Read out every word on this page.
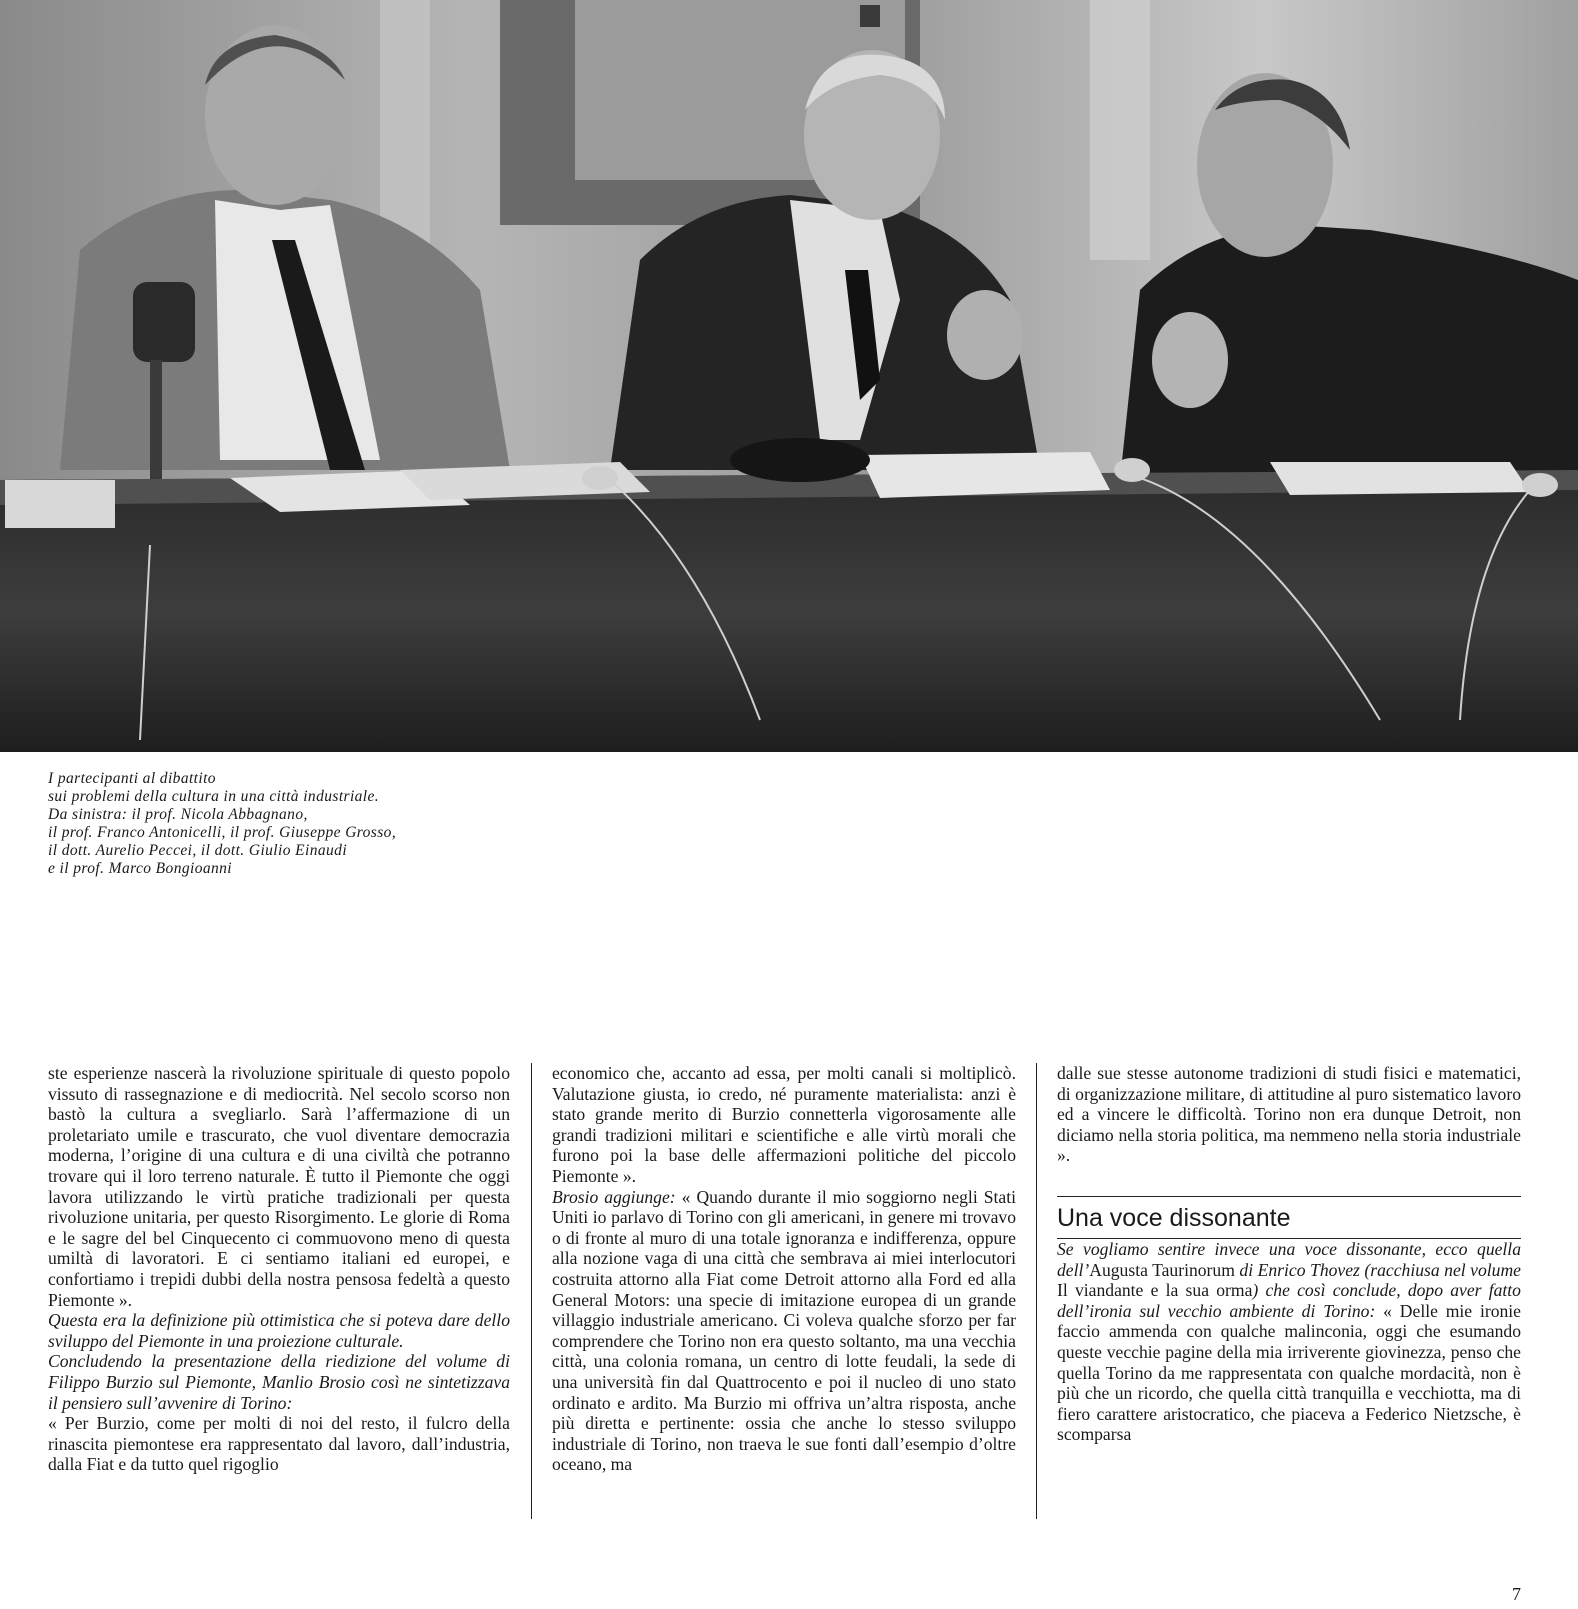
I partecipanti al dibattito
sui problemi della cultura in una città industriale.
Da sinistra: il prof. Nicola Abbagnano,
il prof. Franco Antonicelli, il prof. Giuseppe Grosso,
il dott. Aurelio Peccei, il dott. Giulio Einaudi
e il prof. Marco Bongioanni

ste esperienze nascerà la rivoluzione spirituale di questo popolo vissuto di rassegnazione e di mediocrità. Nel secolo scorso non bastò la cultura a svegliarlo. Sarà l’affermazione di un proletariato umile e trascurato, che vuol diventare democrazia moderna, l’origine di una cultura e di una civiltà che potranno trovare qui il loro terreno naturale. È tutto il Piemonte che oggi lavora utilizzando le virtù pratiche tradizionali per questa rivoluzione unitaria, per questo Risorgimento. Le glorie di Roma e le sagre del bel Cinquecento ci commuovono meno di questa umiltà di lavoratori. E ci sentiamo italiani ed europei, e confortiamo i trepidi dubbi della nostra pensosa fedeltà a questo Piemonte ».

Questa era la definizione più ottimistica che si poteva dare dello sviluppo del Piemonte in una proiezione culturale.

Concludendo la presentazione della riedizione del volume di Filippo Burzio sul Piemonte, Manlio Brosio così ne sintetizzava il pensiero sull’avvenire di Torino:

« Per Burzio, come per molti di noi del resto, il fulcro della rinascita piemontese era rappresentato dal lavoro, dall’industria, dalla Fiat e da tutto quel rigoglio

economico che, accanto ad essa, per molti canali si moltiplicò. Valutazione giusta, io credo, né puramente materialista: anzi è stato grande merito di Burzio connetterla vigorosamente alle grandi tradizioni militari e scientifiche e alle virtù morali che furono poi la base delle affermazioni politiche del piccolo Piemonte ».

Brosio aggiunge: « Quando durante il mio soggiorno negli Stati Uniti io parlavo di Torino con gli americani, in genere mi trovavo o di fronte al muro di una totale ignoranza e indifferenza, oppure alla nozione vaga di una città che sembrava ai miei interlocutori costruita attorno alla Fiat come Detroit attorno alla Ford ed alla General Motors: una specie di imitazione europea di un grande villaggio industriale americano. Ci voleva qualche sforzo per far comprendere che Torino non era questo soltanto, ma una vecchia città, una colonia romana, un centro di lotte feudali, la sede di una università fin dal Quattrocento e poi il nucleo di uno stato ordinato e ardito. Ma Burzio mi offriva un’altra risposta, anche più diretta e pertinente: ossia che anche lo stesso sviluppo industriale di Torino, non traeva le sue fonti dall’esempio d’oltre oceano, ma

dalle sue stesse autonome tradizioni di studi fisici e matematici, di organizzazione militare, di attitudine al puro sistematico lavoro ed a vincere le difficoltà. Torino non era dunque Detroit, non diciamo nella storia politica, ma nemmeno nella storia industriale ».

Una voce dissonante

Se vogliamo sentire invece una voce dissonante, ecco quella dell’Augusta Taurinorum di Enrico Thovez (racchiusa nel volume Il viandante e la sua orma) che così conclude, dopo aver fatto dell’ironia sul vecchio ambiente di Torino: « Delle mie ironie faccio ammenda con qualche malinconia, oggi che esumando queste vecchie pagine della mia irriverente giovinezza, penso che quella Torino da me rappresentata con qualche mordacità, non è più che un ricordo, che quella città tranquilla e vecchiotta, ma di fiero carattere aristocratico, che piaceva a Federico Nietzsche, è scomparsa

7
